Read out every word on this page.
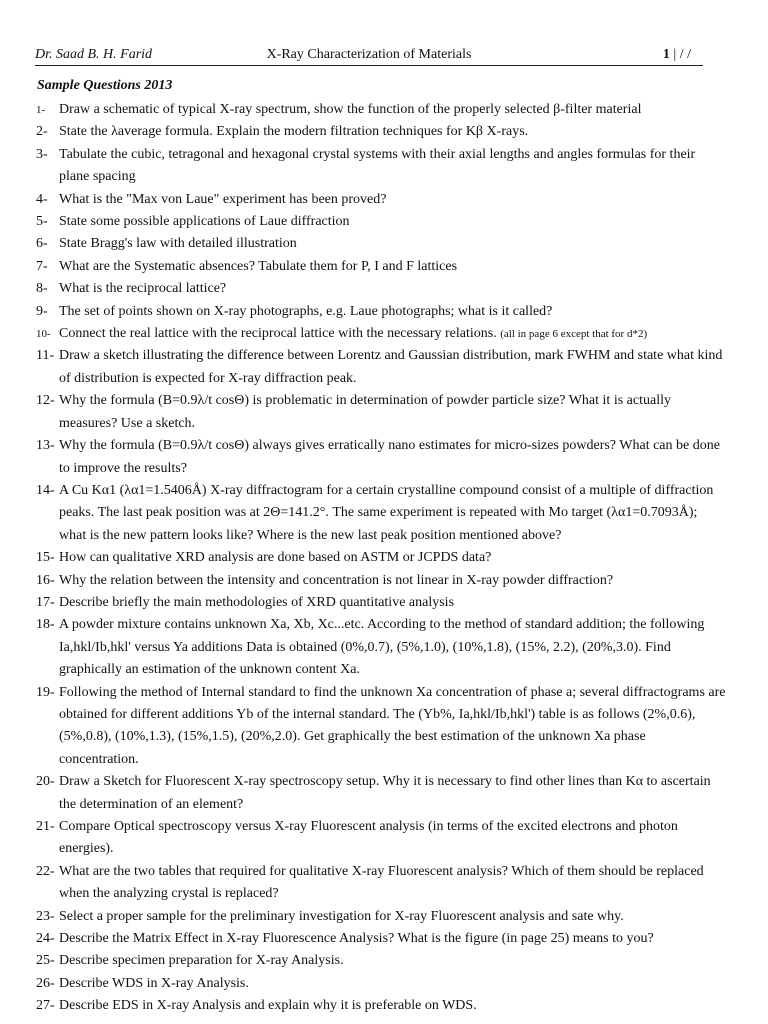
Dr. Saad B. H. Farid	X-Ray Characterization of Materials	1 | / /
Sample Questions 2013
1- Draw a schematic of typical X-ray spectrum, show the function of the properly selected β-filter material
2- State the λaverage formula. Explain the modern filtration techniques for Kβ X-rays.
3- Tabulate the cubic, tetragonal and hexagonal crystal systems with their axial lengths and angles formulas for their plane spacing
4- What is the "Max von Laue" experiment has been proved?
5- State some possible applications of Laue diffraction
6- State Bragg's law with detailed illustration
7- What are the Systematic absences? Tabulate them for P, I and F lattices
8- What is the reciprocal lattice?
9- The set of points shown on X-ray photographs, e.g. Laue photographs; what is it called?
10- Connect the real lattice with the reciprocal lattice with the necessary relations. (all in page 6 except that for d*2)
11- Draw a sketch illustrating the difference between Lorentz and Gaussian distribution, mark FWHM and state what kind of distribution is expected for X-ray diffraction peak.
12- Why the formula (B=0.9λ/t cosΘ) is problematic in determination of powder particle size? What it is actually measures? Use a sketch.
13- Why the formula (B=0.9λ/t cosΘ) always gives erratically nano estimates for micro-sizes powders? What can be done to improve the results?
14- A Cu Kα1 (λα1=1.5406Å) X-ray diffractogram for a certain crystalline compound consist of a multiple of diffraction peaks. The last peak position was at 2Θ=141.2°. The same experiment is repeated with Mo target (λα1=0.7093Å); what is the new pattern looks like? Where is the new last peak position mentioned above?
15- How can qualitative XRD analysis are done based on ASTM or JCPDS data?
16- Why the relation between the intensity and concentration is not linear in X-ray powder diffraction?
17- Describe briefly the main methodologies of XRD quantitative analysis
18- A powder mixture contains unknown Xa, Xb, Xc...etc. According to the method of standard addition; the following Ia,hkl/Ib,hkl' versus Ya additions Data is obtained (0%,0.7), (5%,1.0), (10%,1.8), (15%, 2.2), (20%,3.0). Find graphically an estimation of the unknown content Xa.
19- Following the method of Internal standard to find the unknown Xa concentration of phase a; several diffractograms are obtained for different additions Yb of the internal standard. The (Yb%, Ia,hkl/Ib,hkl') table is as follows (2%,0.6), (5%,0.8), (10%,1.3), (15%,1.5), (20%,2.0). Get graphically the best estimation of the unknown Xa phase concentration.
20- Draw a Sketch for Fluorescent X-ray spectroscopy setup. Why it is necessary to find other lines than Kα to ascertain the determination of an element?
21- Compare Optical spectroscopy versus X-ray Fluorescent analysis (in terms of the excited electrons and photon energies).
22- What are the two tables that required for qualitative X-ray Fluorescent analysis? Which of them should be replaced when the analyzing crystal is replaced?
23- Select a proper sample for the preliminary investigation for X-ray Fluorescent analysis and sate why.
24- Describe the Matrix Effect in X-ray Fluorescence Analysis? What is the figure (in page 25) means to you?
25- Describe specimen preparation for X-ray Analysis.
26- Describe WDS in X-ray Analysis.
27- Describe EDS in X-ray Analysis and explain why it is preferable on WDS.
